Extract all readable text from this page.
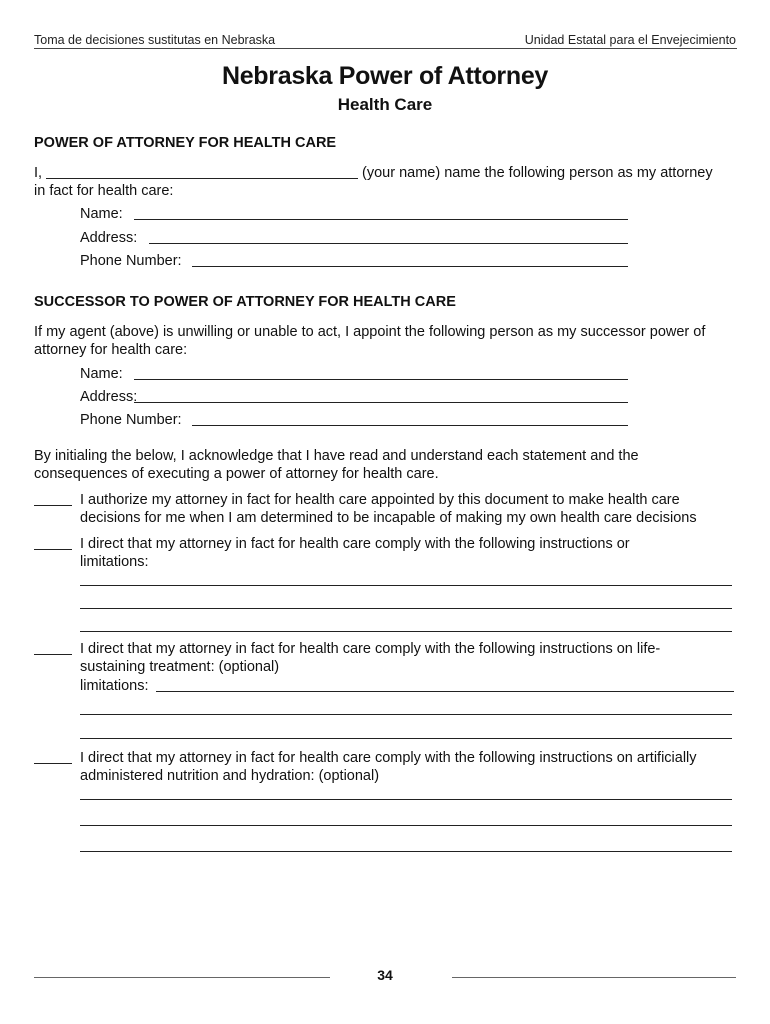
Toma de decisiones sustitutas en Nebraska	Unidad Estatal para el Envejecimiento
Nebraska Power of Attorney
Health Care
POWER OF ATTORNEY FOR HEALTH CARE
I,	(your name) name the following person as my attorney
in fact for health care:
Name:
Address:
Phone Number:
SUCCESSOR TO POWER OF ATTORNEY FOR HEALTH CARE
If my agent (above) is unwilling or unable to act, I appoint the following person as my successor power of
attorney for health care:
Name:
Address:
Phone Number:
By initialing the below, I acknowledge that I have read and understand each statement and the
consequences of executing a power of attorney for health care.
I authorize my attorney in fact for health care appointed by this document to make health care
decisions for me when I am determined to be incapable of making my own health care decisions
I direct that my attorney in fact for health care comply with the following instructions or
limitations:
I direct that my attorney in fact for health care comply with the following instructions on life-
sustaining treatment: (optional)
limitations:
I direct that my attorney in fact for health care comply with the following instructions on artificially
administered nutrition and hydration: (optional)
34
